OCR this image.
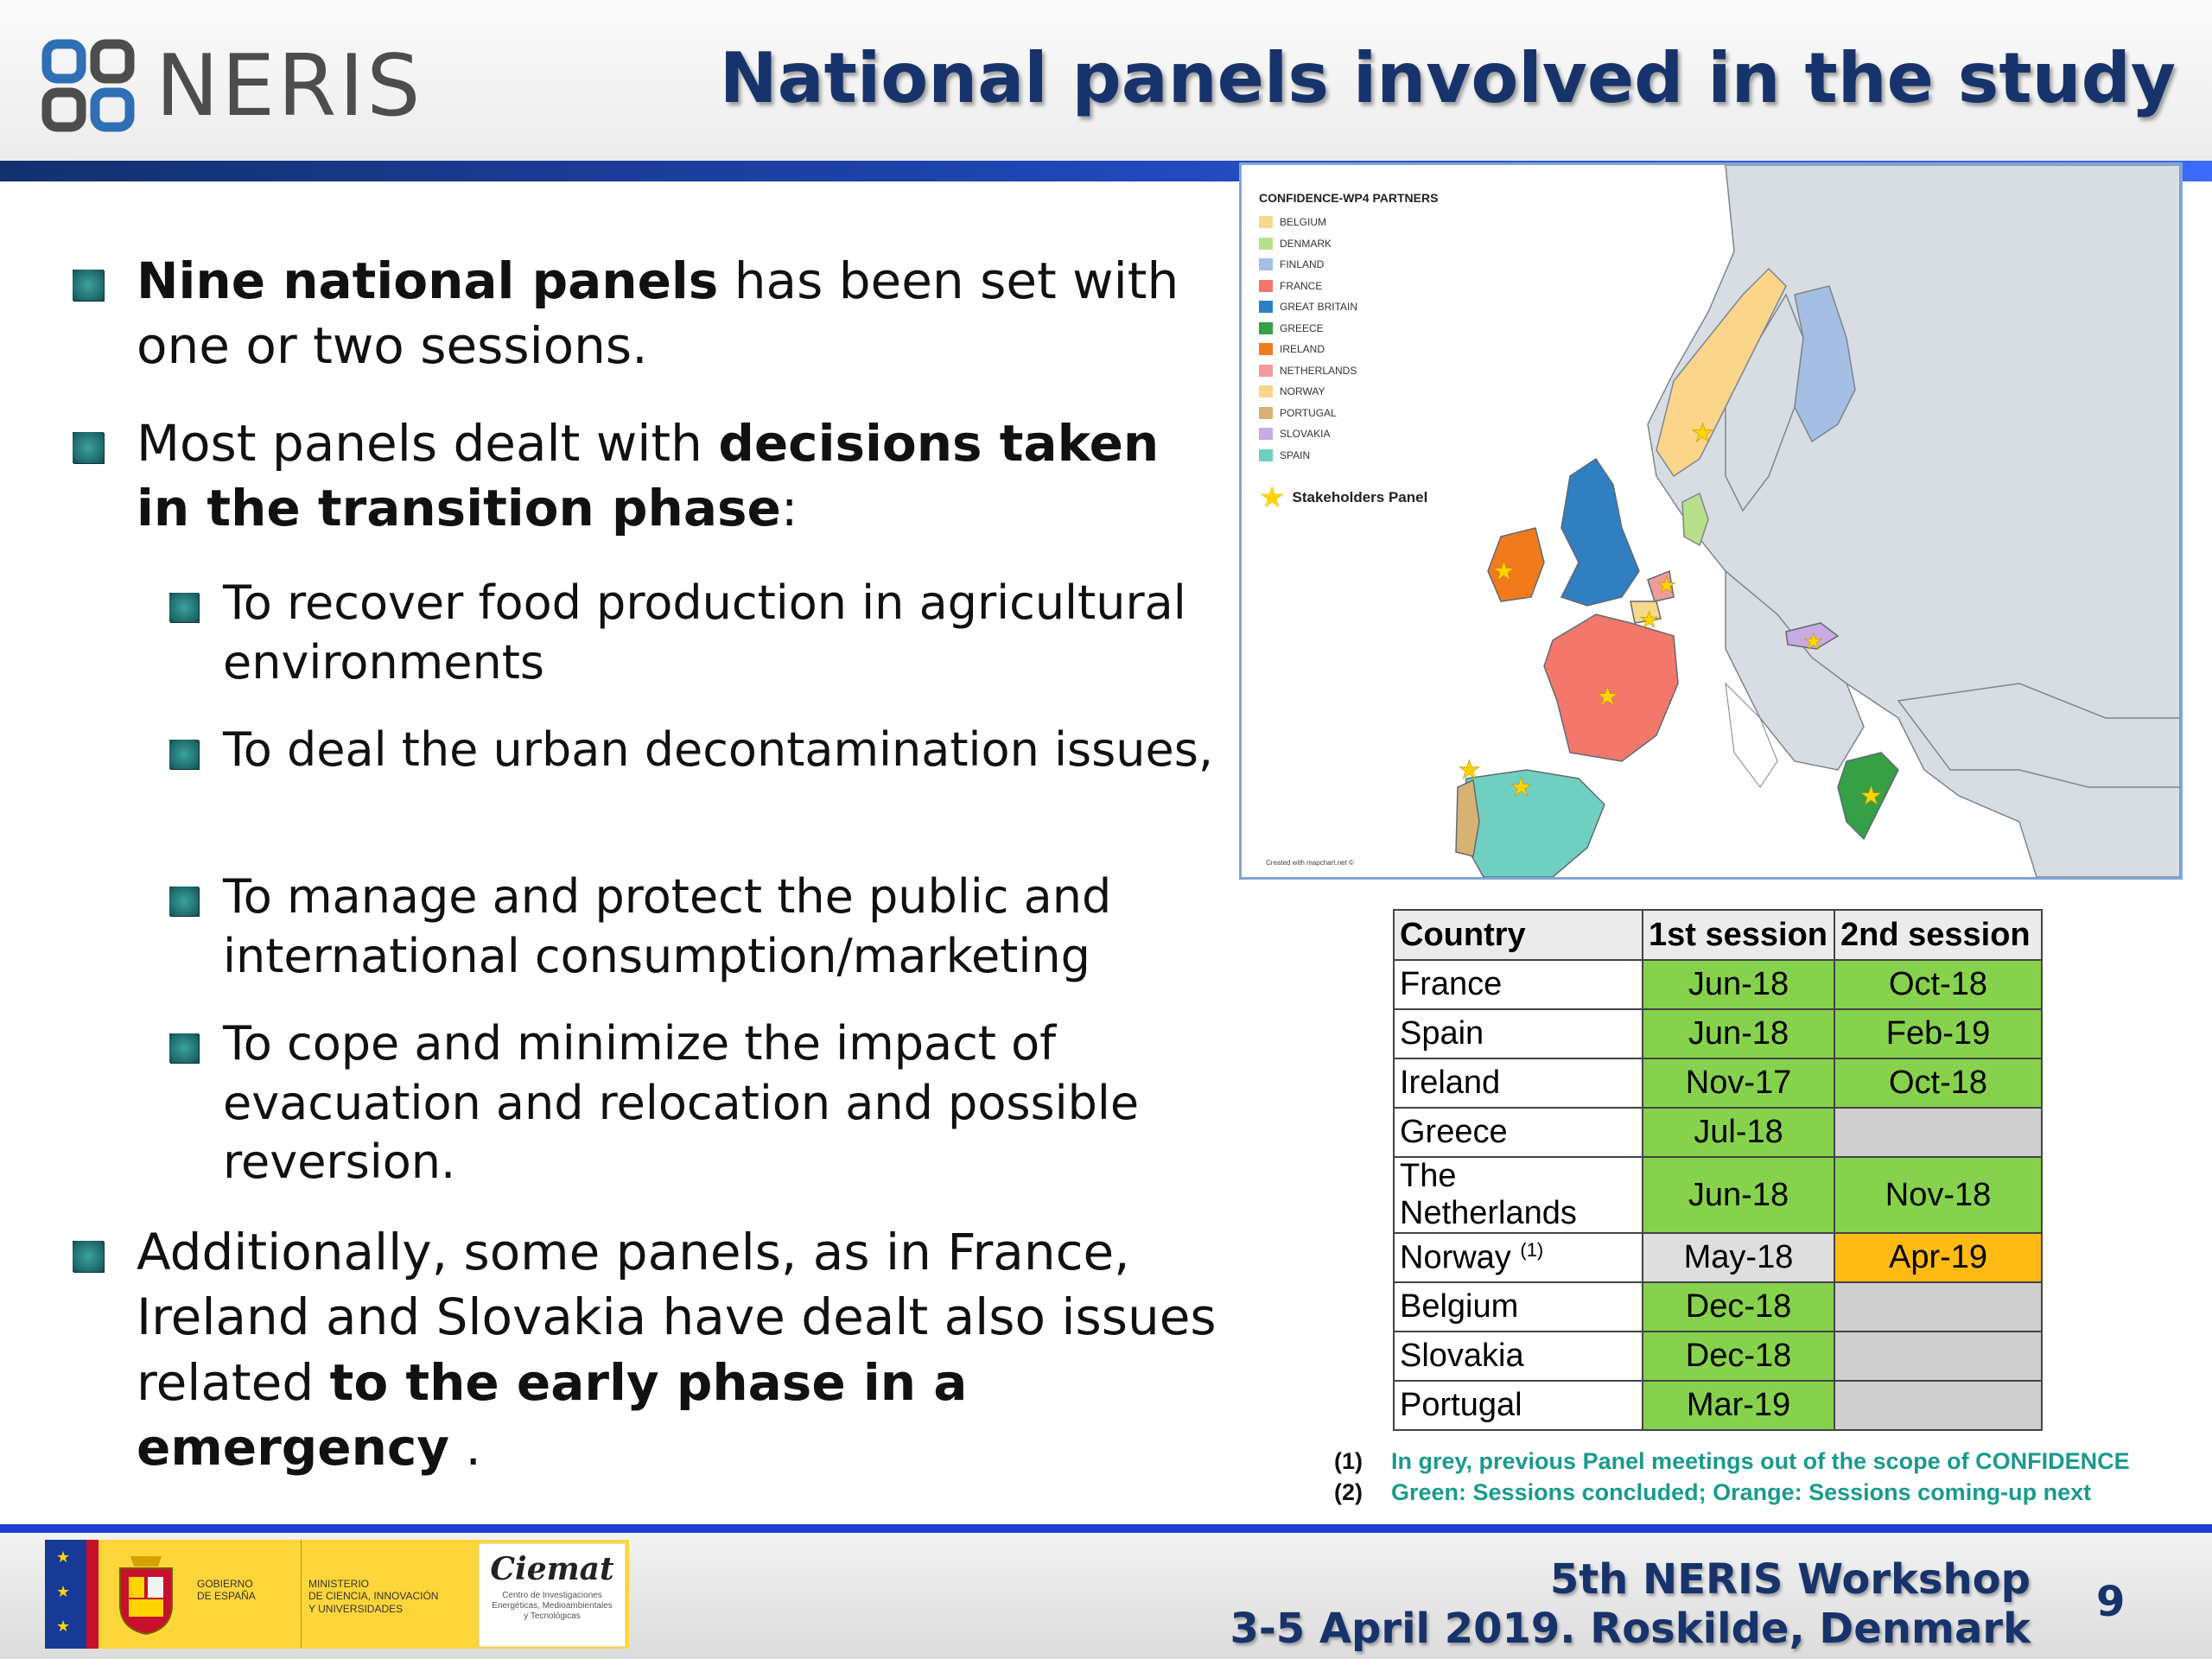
NERIS	National panels involved in the study
Nine national panels has been set with one or two sessions.
Most panels dealt with decisions taken in the transition phase:
To recover food production in agricultural environments
To deal the urban decontamination issues,
To manage and protect the public and international consumption/marketing
To cope and minimize the impact of evacuation and relocation and possible reversion.
Additionally, some panels, as in France, Ireland and Slovakia have dealt also issues related to the early phase in a emergency .
★
★	★
★
★
★
★
★
★
CONFIDENCE-WP4 PARTNERS
BELGIUM
DENMARK
FINLAND
FRANCE
GREAT BRITAIN
GREECE
IRELAND
NETHERLANDS
NORWAY
PORTUGAL
SLOVAKIA
SPAIN
★ Stakeholders Panel
Created with mapchart.net ©
Country	1st session	2nd session
France	Jun-18	Oct-18
Spain	Jun-18	Feb-19
Ireland	Nov-17	Oct-18
Greece	Jul-18	
The Netherlands	Jun-18	Nov-18
Norway $^{(1)}$	May-18	Apr-19
Belgium	Dec-18	
Slovakia	Dec-18	
Portugal	Mar-19	
(1) In grey, previous Panel meetings out of the scope of CONFIDENCE
(2) Green: Sessions concluded; Orange: Sessions coming-up next
★
★
★
GOBIERNO
DE ESPAÑA
MINISTERIO
DE CIENCIA, INNOVACIÓN
Y UNIVERSIDADES
Ciemat
Centro de Investigaciones
Energéticas, Medioambientales
y Tecnológicas
5th NERIS Workshop
3-5 April 2019. Roskilde, Denmark
9
